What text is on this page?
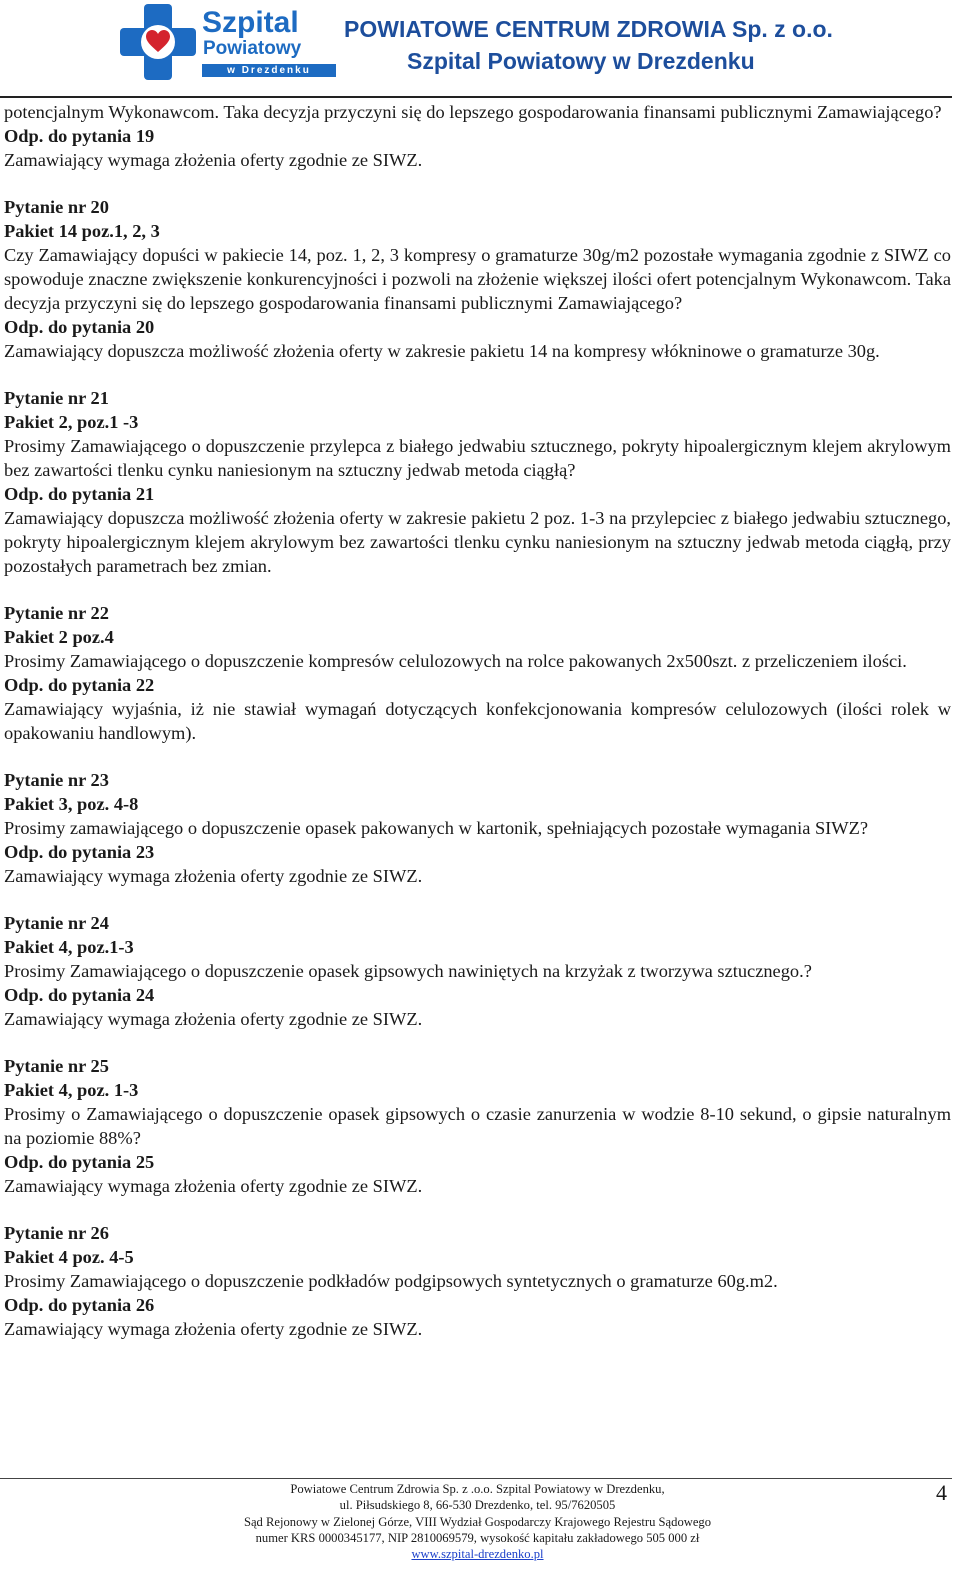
Szpital
Powiatowy
w Drezdenku
POWIATOWE CENTRUM ZDROWIA Sp. z o.o.
Szpital Powiatowy w Drezdenku

potencjalnym Wykonawcom. Taka decyzja przyczyni się do lepszego gospodarowania finansami publicznymi Zamawiającego?

Odp. do pytania 19

Zamawiający wymaga złożenia oferty zgodnie ze SIWZ.

Pytanie nr 20

Pakiet 14 poz.1, 2, 3

Czy Zamawiający dopuści w pakiecie 14, poz. 1, 2, 3 kompresy o gramaturze 30g/m2 pozostałe wymagania zgodnie z SIWZ co spowoduje znaczne zwiększenie konkurencyjności i pozwoli na złożenie większej ilości ofert potencjalnym Wykonawcom. Taka decyzja przyczyni się do lepszego gospodarowania finansami publicznymi Zamawiającego?

Odp. do pytania 20

Zamawiający dopuszcza możliwość złożenia oferty w zakresie pakietu 14 na kompresy włókninowe o gramaturze 30g.

Pytanie nr 21

Pakiet 2, poz.1 -3

Prosimy Zamawiającego o dopuszczenie przylepca z białego jedwabiu sztucznego, pokryty hipoalergicznym klejem akrylowym bez zawartości tlenku cynku naniesionym na sztuczny jedwab metoda ciągłą?

Odp. do pytania 21

Zamawiający dopuszcza możliwość złożenia oferty w zakresie pakietu 2 poz. 1-3 na przylepciec z białego jedwabiu sztucznego, pokryty hipoalergicznym klejem akrylowym bez zawartości tlenku cynku naniesionym na sztuczny jedwab metoda ciągłą, przy pozostałych parametrach bez zmian.

Pytanie nr 22

Pakiet 2 poz.4

Prosimy Zamawiającego o dopuszczenie kompresów celulozowych na rolce pakowanych 2x500szt. z przeliczeniem ilości.

Odp. do pytania 22

Zamawiający wyjaśnia, iż nie stawiał wymagań dotyczących konfekcjonowania kompresów celulozowych (ilości rolek w opakowaniu handlowym).

Pytanie nr 23

Pakiet 3, poz. 4-8

Prosimy zamawiającego o dopuszczenie opasek pakowanych w kartonik, spełniających pozostałe wymagania SIWZ?

Odp. do pytania 23

Zamawiający wymaga złożenia oferty zgodnie ze SIWZ.

Pytanie nr 24

Pakiet 4, poz.1-3

Prosimy Zamawiającego o dopuszczenie opasek gipsowych nawiniętych na krzyżak z tworzywa sztucznego.?

Odp. do pytania 24

Zamawiający wymaga złożenia oferty zgodnie ze SIWZ.

Pytanie nr 25

Pakiet 4, poz. 1-3

Prosimy o Zamawiającego o dopuszczenie opasek gipsowych o czasie zanurzenia w wodzie 8-10 sekund, o gipsie naturalnym na poziomie 88%?

Odp. do pytania 25

Zamawiający wymaga złożenia oferty zgodnie ze SIWZ.

Pytanie nr 26

Pakiet 4 poz. 4-5

Prosimy Zamawiającego o dopuszczenie podkładów podgipsowych syntetycznych o gramaturze 60g.m2.

Odp. do pytania 26

Zamawiający wymaga złożenia oferty zgodnie ze SIWZ.

Powiatowe Centrum Zdrowia Sp. z .o.o. Szpital Powiatowy w Drezdenku,
ul. Piłsudskiego 8, 66-530 Drezdenko, tel. 95/7620505
Sąd Rejonowy w Zielonej Górze, VIII Wydział Gospodarczy Krajowego Rejestru Sądowego
numer KRS 0000345177, NIP 2810069579, wysokość kapitału zakładowego 505 000 zł
www.szpital-drezdenko.pl
4
